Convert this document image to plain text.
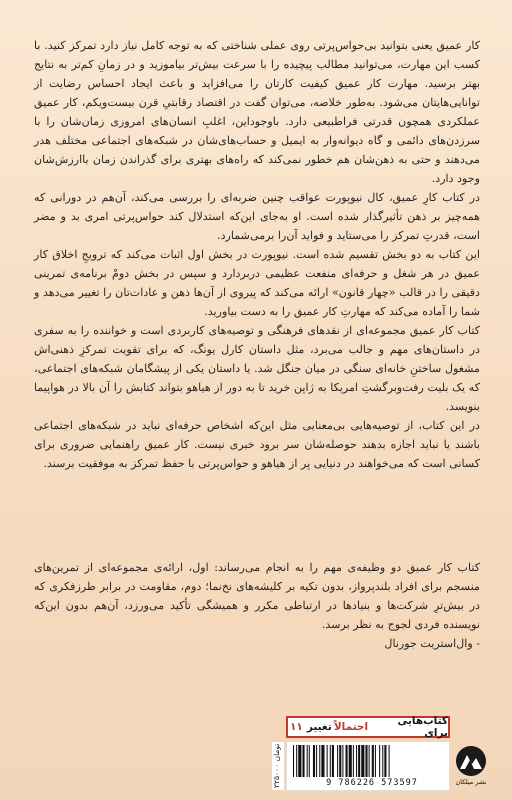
کار عمیق یعنی بتوانید بی‌حواس‌پرتی روی عملی شناختی که به توجه کامل نیاز دارد تمرکز کنید. با کسب این مهارت، می‌توانید مطالب پیچیده را با سرعت بیش‌تر بیاموزید و در زمانِ کم‌تر به نتایج بهتر برسید. مهارت کار عمیق کیفیت کارتان را می‌افزاید و باعث ایجاد احساس رضایت از توانایی‌هایتان می‌شود. به‌طور خلاصه، می‌توان گفت در اقتصاد رقابتیِ قرن بیست‌ویکم، کار عمیق عملکردی همچون قدرتی فراطبیعی دارد. با‌وجوداین، اغلبِ انسان‌های امروزی زمان‌شان را با سرزدن‌های دائمی و گاه دیوانه‌وار به ایمیل و حساب‌های‌شان در شبکه‌های اجتماعی مختلف هدر می‌دهند و حتی به ذهن‌شان هم خطور نمی‌کند که راه‌های بهتری برای گذراندن زمان باارزش‌شان وجود دارد.

در کتاب کارِ عمیق، کال نیوپورت عواقب چنین ضربه‌ای را بررسی می‌کند، آن‌هم در دورانی که همه‌چیز بر ذهن تأثیرگذار شده است. او به‌جای این‌که استدلال کند حواس‌پرتی امری بد و مضر است، قدرتِ تمرکز را می‌ستاید و فواید آن‌را برمی‌شمارد.

این کتاب به دو بخش تقسیم شده است. نیوپورت در بخش اول اثبات می‌کند که ترویجِ اخلاق کار عمیق در هر شغل و حرفه‌ای منفعت عظیمی دربردارد و سپس در بخش دومْ برنامه‌ی تمرینی دقیقی را در قالب «چهار قانون» ارائه می‌کند که پیروی از آن‌ها ذهن و عادات‌تان را تغییر می‌دهد و شما را آماده می‌کند که مهارتِ کار عمیق را به دست بیاورید.

کتاب کار عمیق مجموعه‌ای از نقدهای فرهنگی و توصیه‌های کاربردی است و خواننده را به سفری در داستان‌های مهم و جالب می‌برد، مثل داستان کارل یونگ، که برای تقویت تمرکزِ ذهنی‌اش مشغول ساختنِ خانه‌ای سنگی در میان جنگل شد. یا داستان یکی از پیشگامان شبکه‌های اجتماعی، که یک بلیت رفت‌وبرگشتِ امریکا به ژاپن خرید تا به دور از هیاهو بتواند کتابش را آن بالا در هواپیما بنویسد.

در این کتاب، از توصیه‌هایی بی‌معنایی مثل این‌که اشخاص حرفه‌ای نباید در شبکه‌های اجتماعی باشند یا نباید اجازه بدهند حوصله‌شان سر برود خبری نیست. کار عمیق راهنمایی ضروری برای کسانی است که می‌خواهند در دنیایی پر از هیاهو و حواس‌پرتی با حفظ تمرکز به موفقیت برسند.

کتاب کار عمیق دو وظیفه‌ی مهم را به انجام می‌رساند: اول، ارائه‌ی مجموعه‌ای از تمرین‌های منسجم برای افراد بلندپرواز، بدون تکیه بر کلیشه‌های نخ‌نما؛ دوم، مقاومت در برابر طرزفکری که در بیش‌ترِ شرکت‌ها و بنیادها در ارتباطی مکرر و همیشگی تأکید می‌ورزد، آن‌هم بدون این‌که نویسنده فردی لجوج به نظر برسد.

- وال‌استریت جورنال

کتاب‌هایی برای
احتمالاً
تغییر
۱۱
۲۲۵۰۰۰ تومان
9 786226 573597	نشر میلکان
